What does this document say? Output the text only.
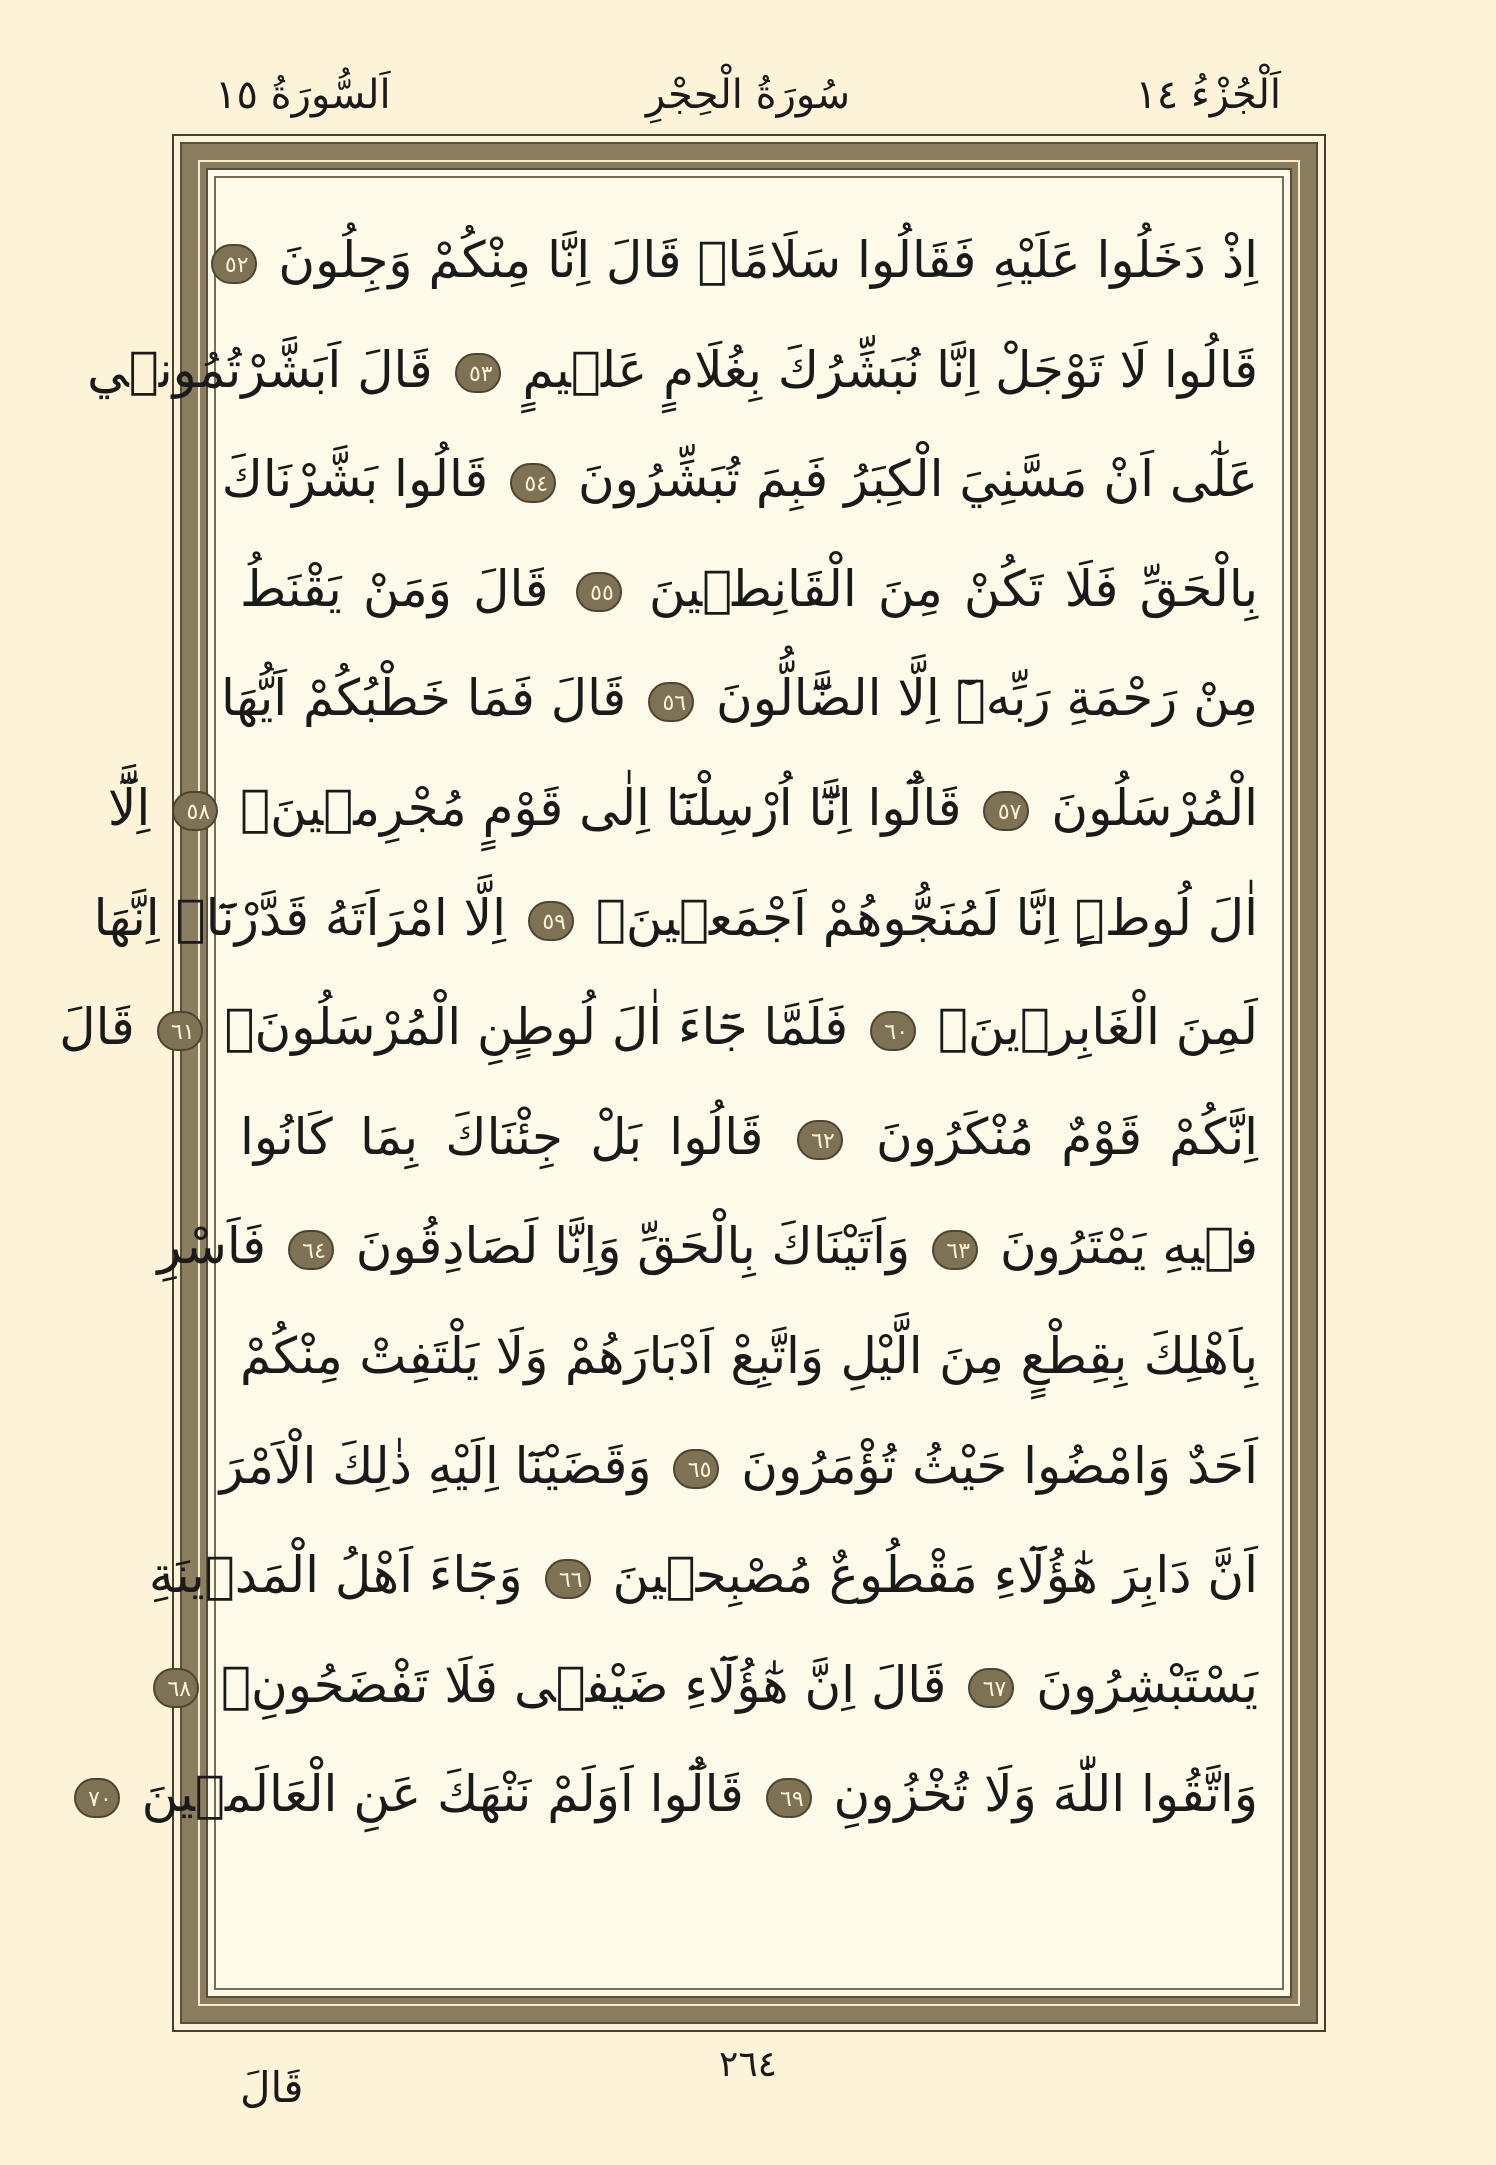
اَلْجُزْءُ ١٤
سُورَةُ الْحِجْرِ
اَلسُّورَةُ ١٥
اِذْ دَخَلُوا عَلَيْهِ فَقَالُوا سَلَامًاۜ قَالَ اِنَّا مِنْكُمْ وَجِلُونَ ٥٢
قَالُوا لَا تَوْجَلْ اِنَّا نُبَشِّرُكَ بِغُلَامٍ عَلٖيمٍ ٥٣ قَالَ اَبَشَّرْتُمُونٖي
عَلٰٓى اَنْ مَسَّنِيَ الْكِبَرُ فَبِمَ تُبَشِّرُونَ ٥٤ قَالُوا بَشَّرْنَاكَ
بِالْحَقِّ فَلَا تَكُنْ مِنَ الْقَانِطٖينَ ٥٥ قَالَ وَمَنْ يَقْنَطُ
مِنْ رَحْمَةِ رَبِّهٖٓ اِلَّا الضَّٓالُّونَ ٥٦ قَالَ فَمَا خَطْبُكُمْ اَيُّهَا
الْمُرْسَلُونَ ٥٧ قَالُٓوا اِنَّٓا اُرْسِلْنَٓا اِلٰى قَوْمٍ مُجْرِمٖينَۙ ٥٨ اِلَّٓا
اٰلَ لُوطٍۜ اِنَّا لَمُنَجُّوهُمْ اَجْمَعٖينَۙ ٥٩ اِلَّا امْرَاَتَهُ قَدَّرْنَٓاۙ اِنَّهَا
لَمِنَ الْغَابِرٖينَۚ ٦٠ فَلَمَّا جَٓاءَ اٰلَ لُوطٍنِ الْمُرْسَلُونَۙ ٦١ قَالَ
اِنَّكُمْ قَوْمٌ مُنْكَرُونَ ٦٢ قَالُوا بَلْ جِئْنَاكَ بِمَا كَانُوا
فٖيهِ يَمْتَرُونَ ٦٣ وَاَتَيْنَاكَ بِالْحَقِّ وَاِنَّا لَصَادِقُونَ ٦٤ فَاَسْرِ
بِاَهْلِكَ بِقِطْعٍ مِنَ الَّيْلِ وَاتَّبِعْ اَدْبَارَهُمْ وَلَا يَلْتَفِتْ مِنْكُمْ
اَحَدٌ وَامْضُوا حَيْثُ تُؤْمَرُونَ ٦٥ وَقَضَيْنَٓا اِلَيْهِ ذٰلِكَ الْاَمْرَ
اَنَّ دَابِرَ هٰٓؤُلَٓاءِ مَقْطُوعٌ مُصْبِحٖينَ ٦٦ وَجَٓاءَ اَهْلُ الْمَدٖينَةِ
يَسْتَبْشِرُونَ ٦٧ قَالَ اِنَّ هٰٓؤُلَٓاءِ ضَيْفٖى فَلَا تَفْضَحُونِۙ ٦٨
وَاتَّقُوا اللّٰهَ وَلَا تُخْزُونِ ٦٩ قَالُٓوا اَوَلَمْ نَنْهَكَ عَنِ الْعَالَمٖينَ ٧٠
٢٦٤
قَالَ
